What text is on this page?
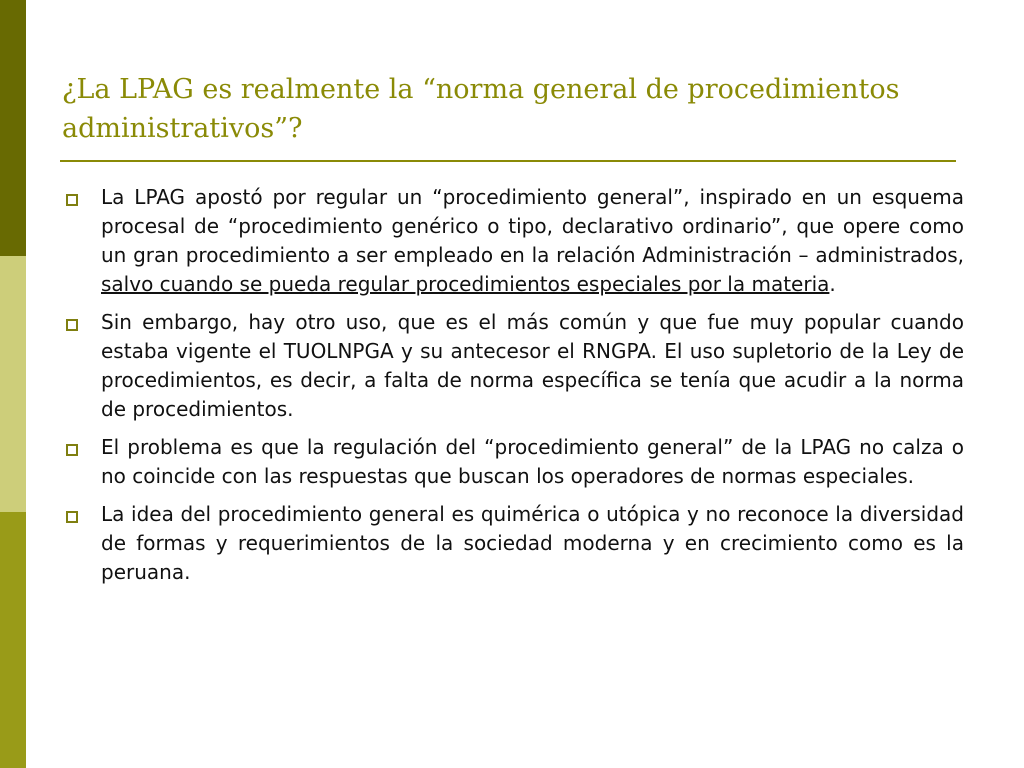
¿La LPAG es realmente la “norma general de procedimientos administrativos”?
La LPAG apostó por regular un “procedimiento general”, inspirado en un esquema procesal de “procedimiento genérico o tipo, declarativo ordinario”, que opere como un gran procedimiento a ser empleado en la relación Administración – administrados, salvo cuando se pueda regular procedimientos especiales por la materia.
Sin embargo, hay otro uso, que es el más común y que fue muy popular cuando estaba vigente el TUOLNPGA y su antecesor el RNGPA. El uso supletorio de la Ley de procedimientos, es decir, a falta de norma específica se tenía que acudir a la norma de procedimientos.
El problema es que la regulación del “procedimiento general” de la LPAG no calza o no coincide con las respuestas que buscan los operadores de normas especiales.
La idea del procedimiento general es quimérica o utópica y no reconoce la diversidad de formas y requerimientos de la sociedad moderna y en crecimiento como es la peruana.
